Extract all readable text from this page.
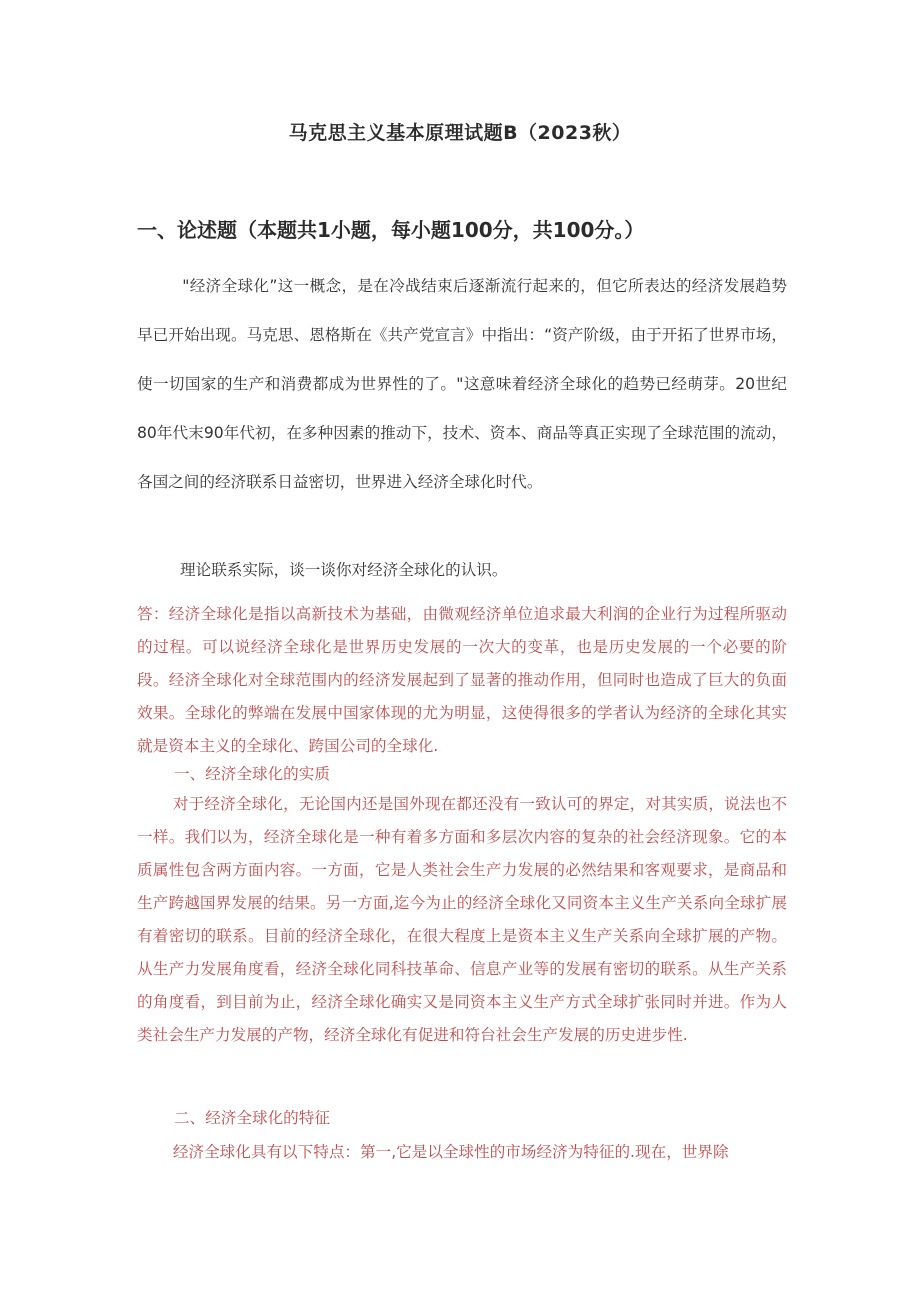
马克思主义基本原理试题B（2023秋）
一、论述题（本题共1小题，每小题100分，共100分。）
"经济全球化”这一概念，是在冷战结束后逐渐流行起来的，但它所表达的经济发展趋势早已开始出现。马克思、恩格斯在《共产党宣言》中指出：“资产阶级，由于开拓了世界市场，使一切国家的生产和消费都成为世界性的了。"这意味着经济全球化的趋势已经萌芽。20世纪80年代末90年代初，在多种因素的推动下，技术、资本、商品等真正实现了全球范围的流动，各国之间的经济联系日益密切，世界进入经济全球化时代。
理论联系实际，谈一谈你对经济全球化的认识。
答：经济全球化是指以高新技术为基础，由微观经济单位追求最大利润的企业行为过程所驱动的过程。可以说经济全球化是世界历史发展的一次大的变革，也是历史发展的一个必要的阶段。经济全球化对全球范围内的经济发展起到了显著的推动作用，但同时也造成了巨大的负面效果。全球化的弊端在发展中国家体现的尤为明显，这使得很多的学者认为经济的全球化其实就是资本主义的全球化、跨国公司的全球化.
一、经济全球化的实质
对于经济全球化，无论国内还是国外现在都还没有一致认可的界定，对其实质，说法也不一样。我们以为，经济全球化是一种有着多方面和多层次内容的复杂的社会经济现象。它的本质属性包含两方面内容。一方面，它是人类社会生产力发展的必然结果和客观要求，是商品和生产跨越国界发展的结果。另一方面,迄今为止的经济全球化又同资本主义生产关系向全球扩展有着密切的联系。目前的经济全球化，在很大程度上是资本主义生产关系向全球扩展的产物。从生产力发展角度看，经济全球化同科技革命、信息产业等的发展有密切的联系。从生产关系的角度看，到目前为止，经济全球化确实又是同资本主义生产方式全球扩张同时并进。作为人类社会生产力发展的产物，经济全球化有促进和符台社会生产发展的历史进步性.
二、经济全球化的特征
经济全球化具有以下特点：第一,它是以全球性的市场经济为特征的.现在，世界除
